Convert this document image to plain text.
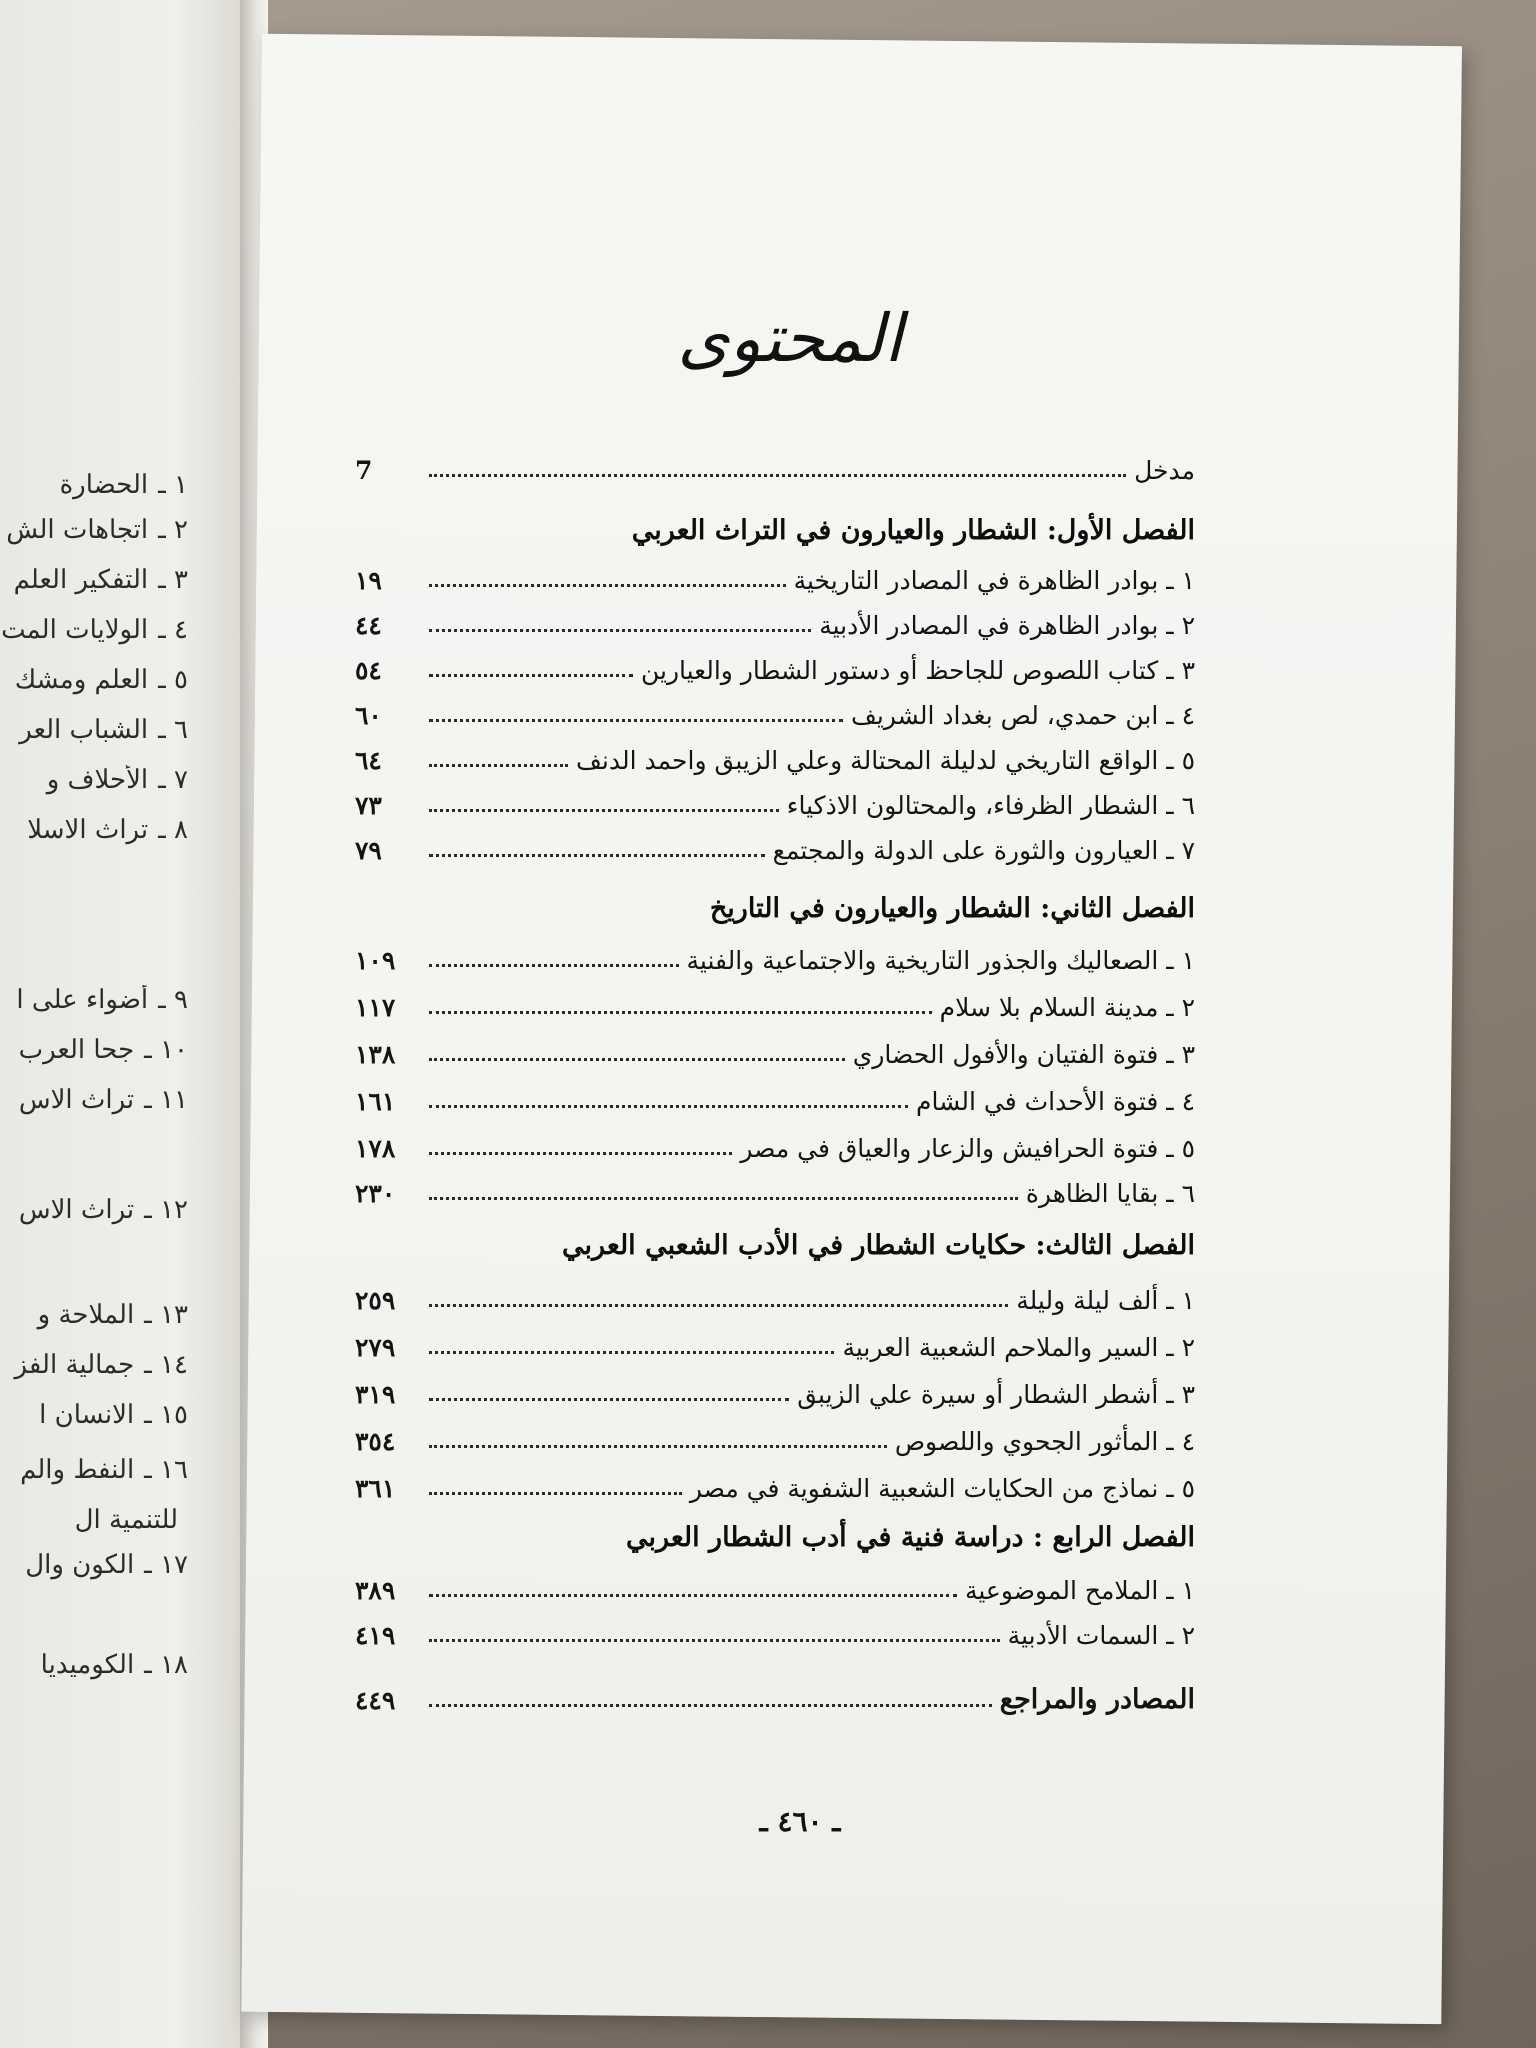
١ ـالحضارة
٢ ـاتجاهات الش
٣ ـالتفكير العلم
٤ ـالولايات المت
٥ ـالعلم ومشك
٦ ـالشباب العر
٧ ـالأحلاف و
٨ ـتراث الاسلا
٩ ـأضواء على ا
١٠ ـجحا العرب
١١ ـتراث الاس
١٢ ـتراث الاس
١٣ ـالملاحة و
١٤ ـجمالية الفز
١٥ ـالانسان ا
١٦ ـالنفط والم
للتنمية ال
١٧ ـالكون وال
١٨ ـالكوميديا
المحتوى
مدخل
7
الفصل الأول: الشطار والعيارون في التراث العربي
١ ـ بوادر الظاهرة في المصادر التاريخية
١٩
٢ ـ بوادر الظاهرة في المصادر الأدبية
٤٤
٣ ـ كتاب اللصوص للجاحظ أو دستور الشطار والعيارين
٥٤
٤ ـ ابن حمدي، لص بغداد الشريف
٦٠
٥ ـ الواقع التاريخي لدليلة المحتالة وعلي الزيبق واحمد الدنف
٦٤
٦ ـ الشطار الظرفاء، والمحتالون الاذكياء
٧٣
٧ ـ العيارون والثورة على الدولة والمجتمع
٧٩
الفصل الثاني: الشطار والعيارون في التاريخ
١ ـ الصعاليك والجذور التاريخية والاجتماعية والفنية
١٠٩
٢ ـ مدينة السلام بلا سلام
١١٧
٣ ـ فتوة الفتيان والأفول الحضاري
١٣٨
٤ ـ فتوة الأحداث في الشام
١٦١
٥ ـ فتوة الحرافيش والزعار والعياق في مصر
١٧٨
٦ ـ بقايا الظاهرة
٢٣٠
الفصل الثالث: حكايات الشطار في الأدب الشعبي العربي
١ ـ ألف ليلة وليلة
٢٥٩
٢ ـ السير والملاحم الشعبية العربية
٢٧٩
٣ ـ أشطر الشطار أو سيرة علي الزيبق
٣١٩
٤ ـ المأثور الجحوي واللصوص
٣٥٤
٥ ـ نماذج من الحكايات الشعبية الشفوية في مصر
٣٦١
الفصل الرابع : دراسة فنية في أدب الشطار العربي
١ ـ الملامح الموضوعية
٣٨٩
٢ ـ السمات الأدبية
٤١٩
المصادر والمراجع
٤٤٩
ـ ٤٦٠ ـ
